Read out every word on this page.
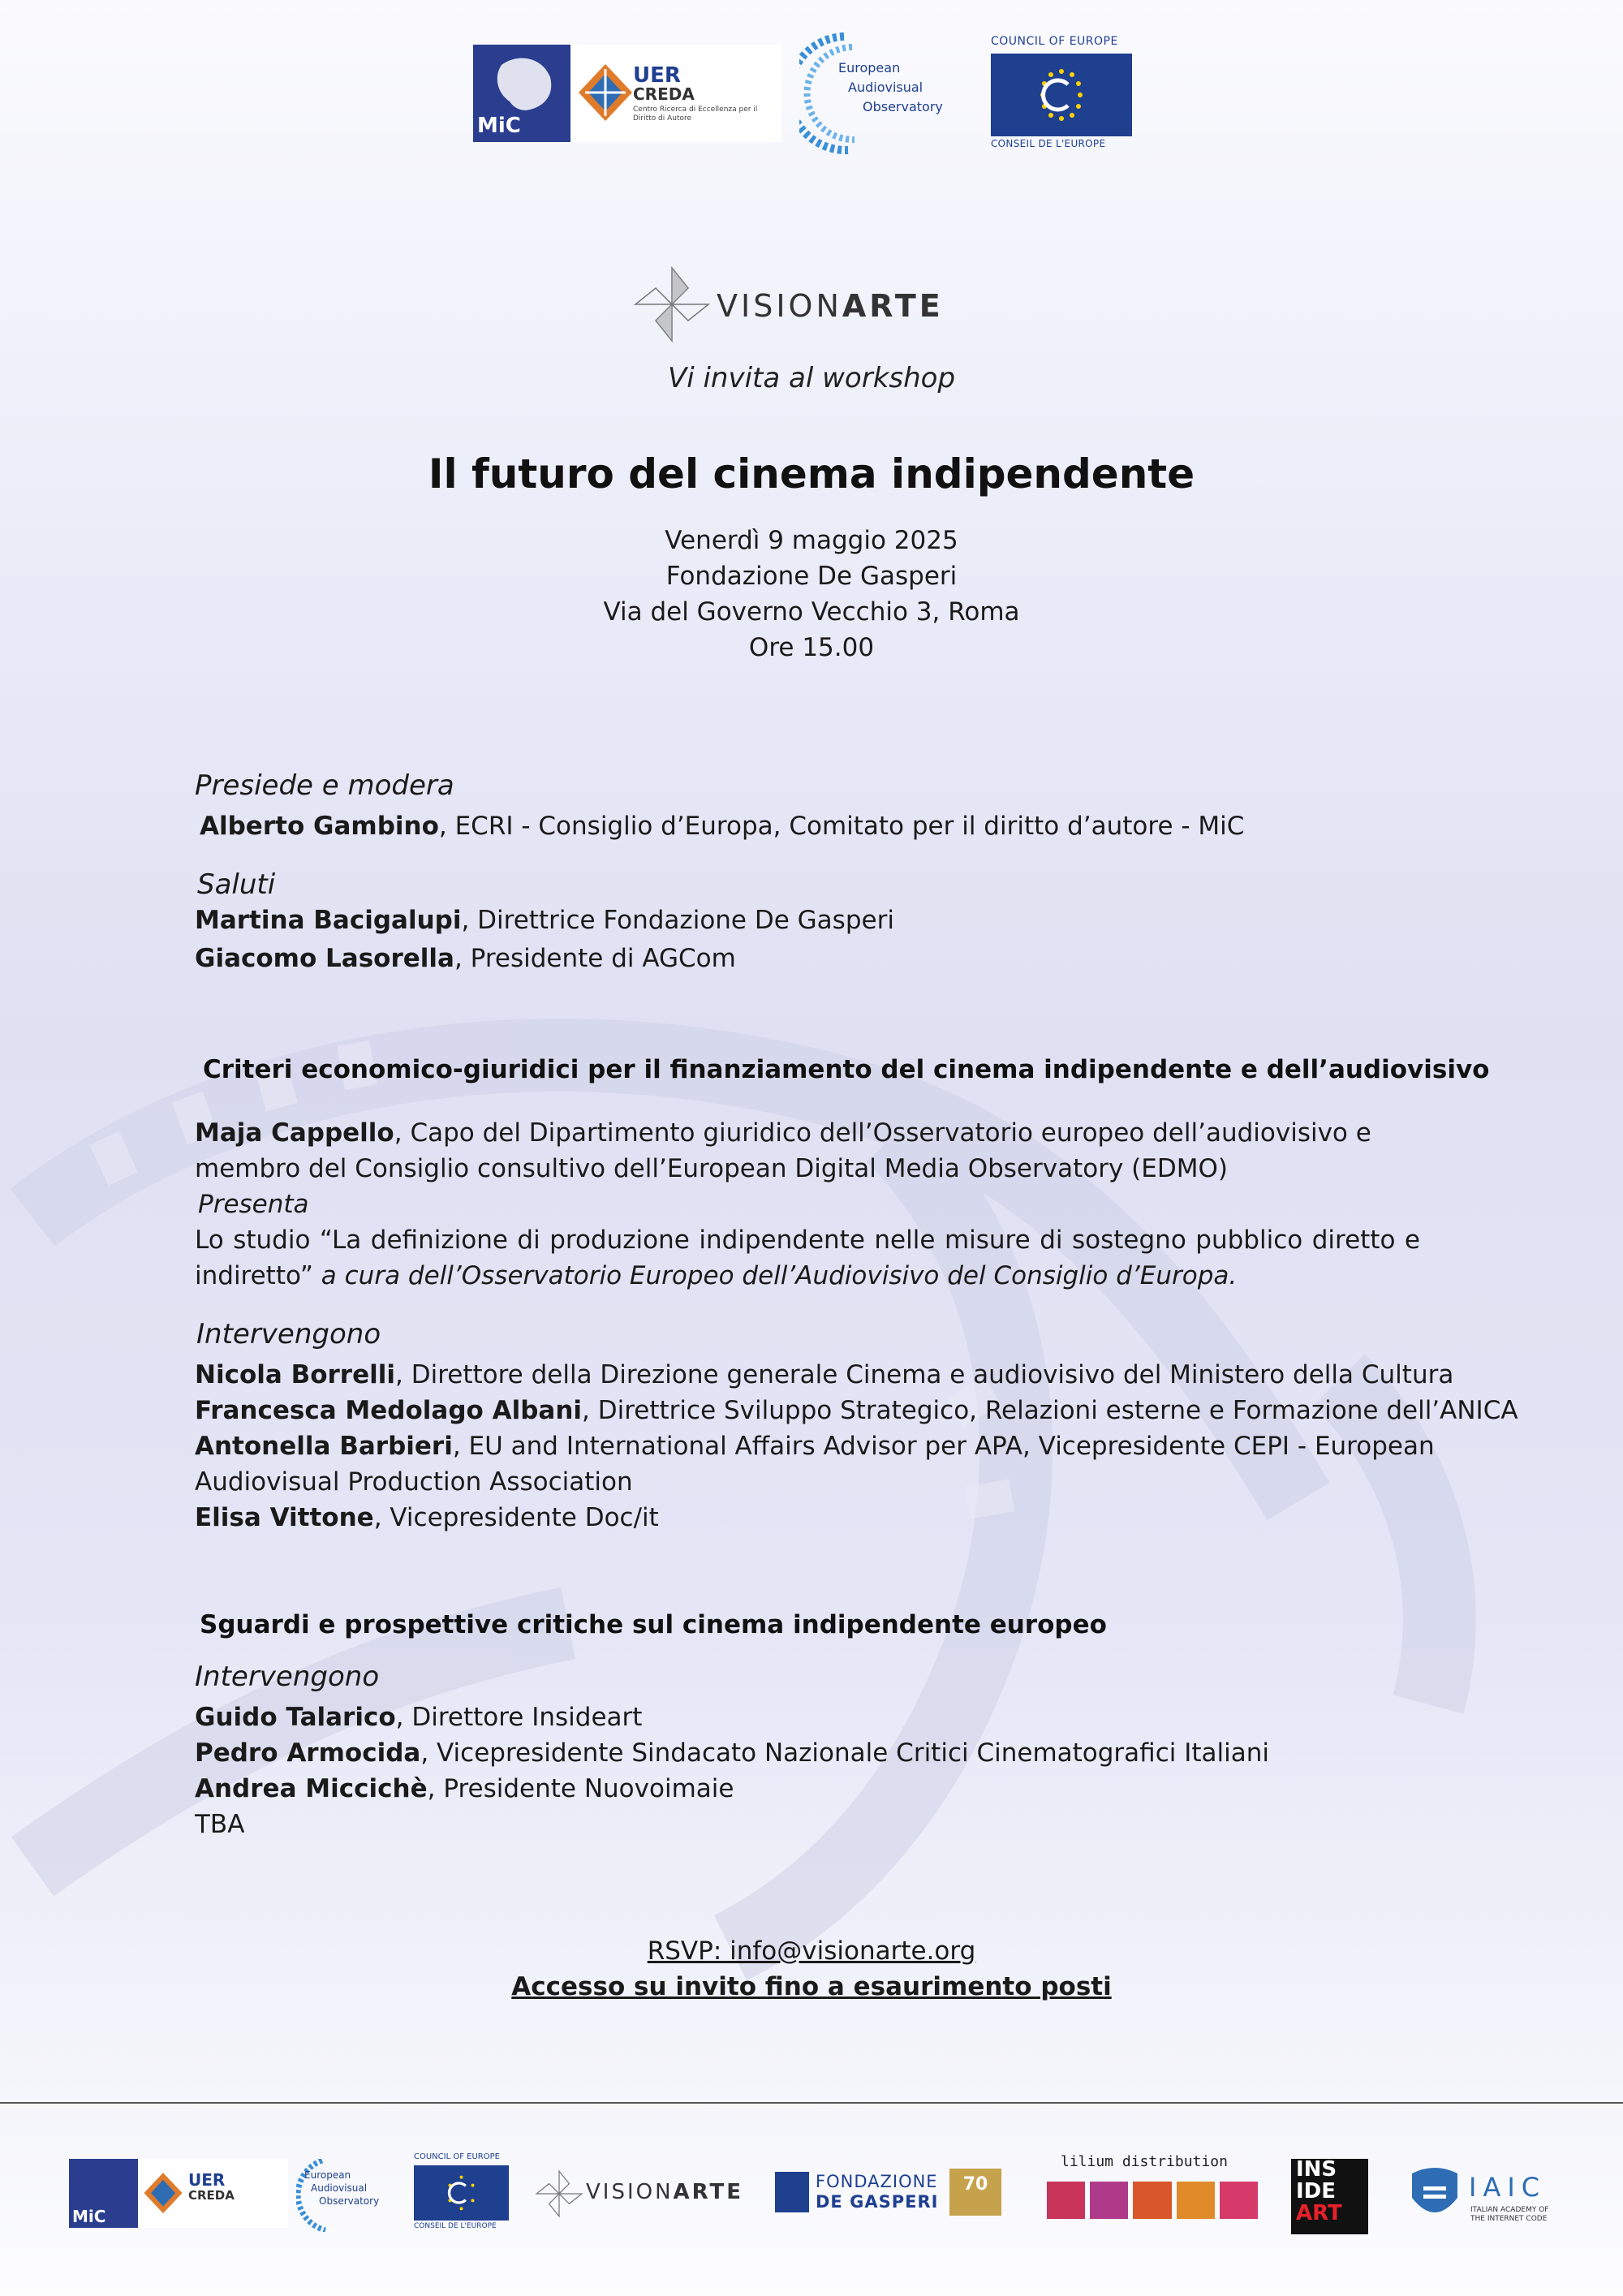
MiC
UER
CREDA
Centro Ricerca di Eccellenza per il Diritto di Autore
European
Audiovisual
Observatory
COUNCIL OF EUROPE
CONSEIL DE L'EUROPE
VISIONARTE
Vi invita al workshop
Il futuro del cinema indipendente
Venerdì 9 maggio 2025
Fondazione De Gasperi
Via del Governo Vecchio 3, Roma
Ore 15.00
Presiede e modera
Alberto Gambino, ECRI - Consiglio d’Europa, Comitato per il diritto d’autore - MiC
Saluti
Martina Bacigalupi, Direttrice Fondazione De Gasperi
Giacomo Lasorella, Presidente di AGCom
Criteri economico-giuridici per il finanziamento del cinema indipendente e dell’audiovisivo
Maja Cappello, Capo del Dipartimento giuridico dell’Osservatorio europeo dell’audiovisivo e
membro del Consiglio consultivo dell’European Digital Media Observatory (EDMO)
Presenta
Lo studio “La definizione di produzione indipendente nelle misure di sostegno pubblico diretto e
indiretto” a cura dell’Osservatorio Europeo dell’Audiovisivo del Consiglio d’Europa.
Intervengono
Nicola Borrelli, Direttore della Direzione generale Cinema e audiovisivo del Ministero della Cultura
Francesca Medolago Albani, Direttrice Sviluppo Strategico, Relazioni esterne e Formazione dell’ANICA
Antonella Barbieri, EU and International Affairs Advisor per APA, Vicepresidente CEPI - European
Audiovisual Production Association
Elisa Vittone, Vicepresidente Doc/it
Sguardi e prospettive critiche sul cinema indipendente europeo
Intervengono
Guido Talarico, Direttore Insideart
Pedro Armocida, Vicepresidente Sindacato Nazionale Critici Cinematografici Italiani
Andrea Miccichè, Presidente Nuovoimaie
TBA
RSVP: info@visionarte.org
Accesso su invito fino a esaurimento posti
MiC
UER
CREDA
European
Audiovisual
Observatory
COUNCIL OF EUROPE
CONSEIL DE L'EUROPE
VISIONARTE	FONDAZIONE
DE GASPERI
70
lilium distribution	INS
IDE
ART
IAIC
ITALIAN ACADEMY OF
THE INTERNET CODE
